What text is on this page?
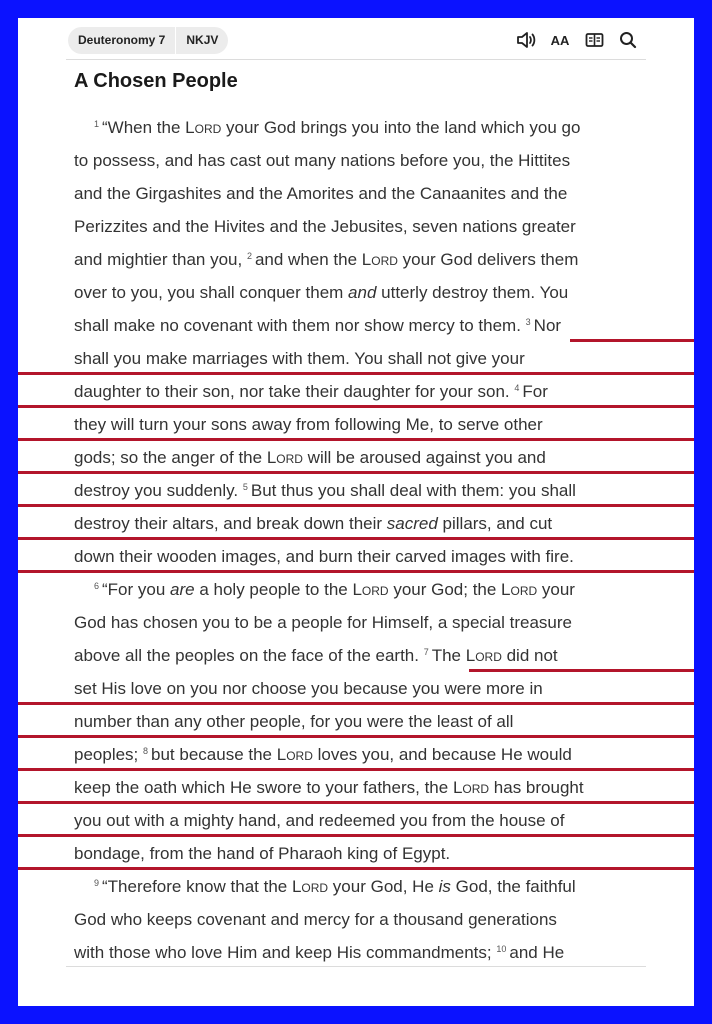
Deuteronomy 7	NKJV	AA
A Chosen People
$^1$ “When the Lord your God brings you into the land which you go
to possess, and has cast out many nations before you, the Hittites
and the Girgashites and the Amorites and the Canaanites and the
Perizzites and the Hivites and the Jebusites, seven nations greater
and mightier than you, $^2$ and when the Lord your God delivers them
over to you, you shall conquer them and utterly destroy them. You
shall make no covenant with them nor show mercy to them. $^3$ Nor
shall you make marriages with them. You shall not give your
daughter to their son, nor take their daughter for your son. $^4$ For
they will turn your sons away from following Me, to serve other
gods; so the anger of the Lord will be aroused against you and
destroy you suddenly. $^5$ But thus you shall deal with them: you shall
destroy their altars, and break down their sacred pillars, and cut
down their wooden images, and burn their carved images with fire.
$^6$ “For you are a holy people to the Lord your God; the Lord your
God has chosen you to be a people for Himself, a special treasure
above all the peoples on the face of the earth. $^7$ The Lord did not
set His love on you nor choose you because you were more in
number than any other people, for you were the least of all
peoples; $^8$ but because the Lord loves you, and because He would
keep the oath which He swore to your fathers, the Lord has brought
you out with a mighty hand, and redeemed you from the house of
bondage, from the hand of Pharaoh king of Egypt.
$^9$ “Therefore know that the Lord your God, He is God, the faithful
God who keeps covenant and mercy for a thousand generations
with those who love Him and keep His commandments; $^{10}$ and He
